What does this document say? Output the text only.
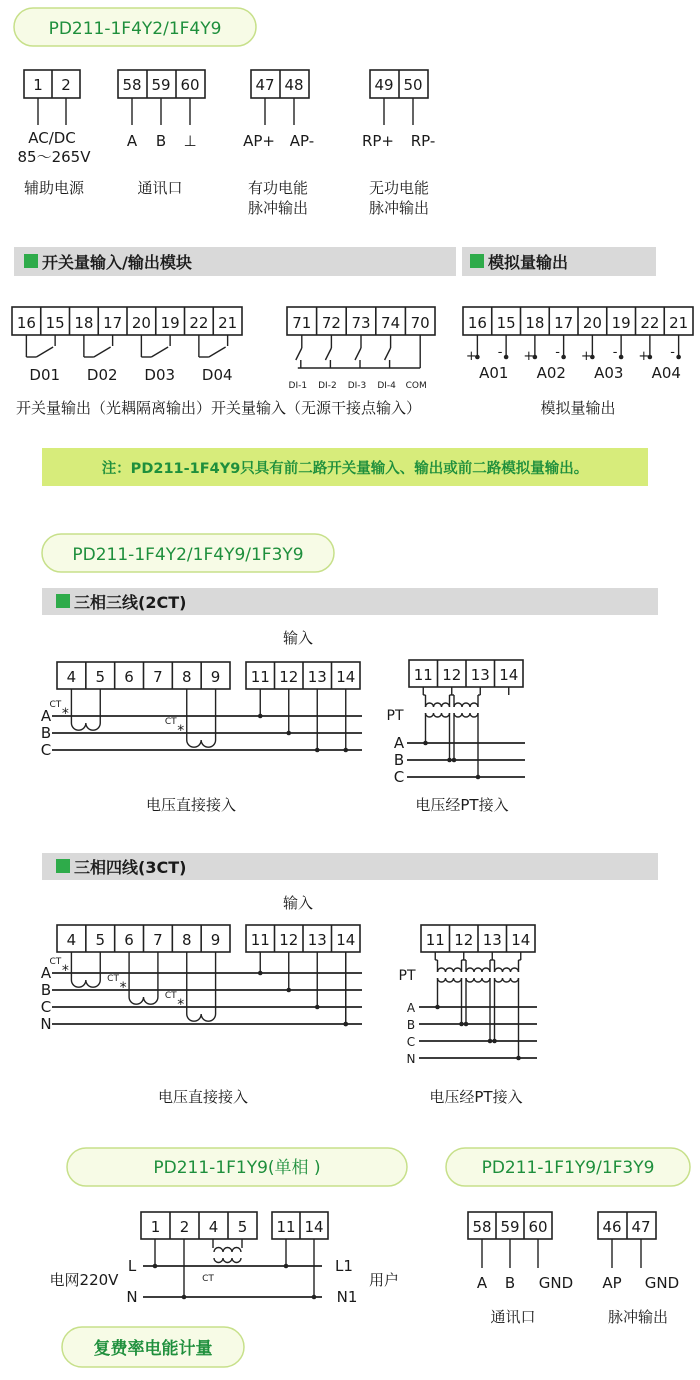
PD211-1F4Y2/1F4Y9
1 2
AC/DC
85～265V
辅助电源
58 59 60
A B ⊥
通讯口
47 48
AP+ AP-
有功电能
脉冲输出
49 50
RP+ RP-
无功电能
脉冲输出
开关量输入/输出模块	模拟量输出
16 15 18 17 20 19 22 21
D01 D02 D03 D04
71 72 73 74 70
DI-1 DI-2 DI-3 DI-4 COM
16 15 18 17 20 19 22 21
+ -
A01
+ -
A02
+ -
A03
+ -
A04
开关量输出（光耦隔离输出）开关量输入（无源干接点输入）	模拟量输出
注：PD211-1F4Y9只具有前二路开关量输入、输出或前二路模拟量输出。
PD211-1F4Y2/1F4Y9/1F3Y9
三相三线(2CT)
输入
4 5 6 7 8 9 11 12 13 14
A
B
C
*
CT
*
CT
11 12 13 14
A
B
C
PT
电压直接接入	电压经PT接入
三相四线(3CT)
输入
4 5 6 7 8 9 11 12 13 14
A
B
C
N
*
CT
*
CT
*
CT
11 12 13 14
A
B
C
N
PT
电压直接接入	电压经PT接入
PD211-1F1Y9(单相 )	PD211-1F1Y9/1F3Y9
1 2 4 5 11 14
L
N
L1
N1
电网220V	用户
CT
58 59 60
A B GND
通讯口
46 47
AP GND
脉冲输出
复费率电能计量
